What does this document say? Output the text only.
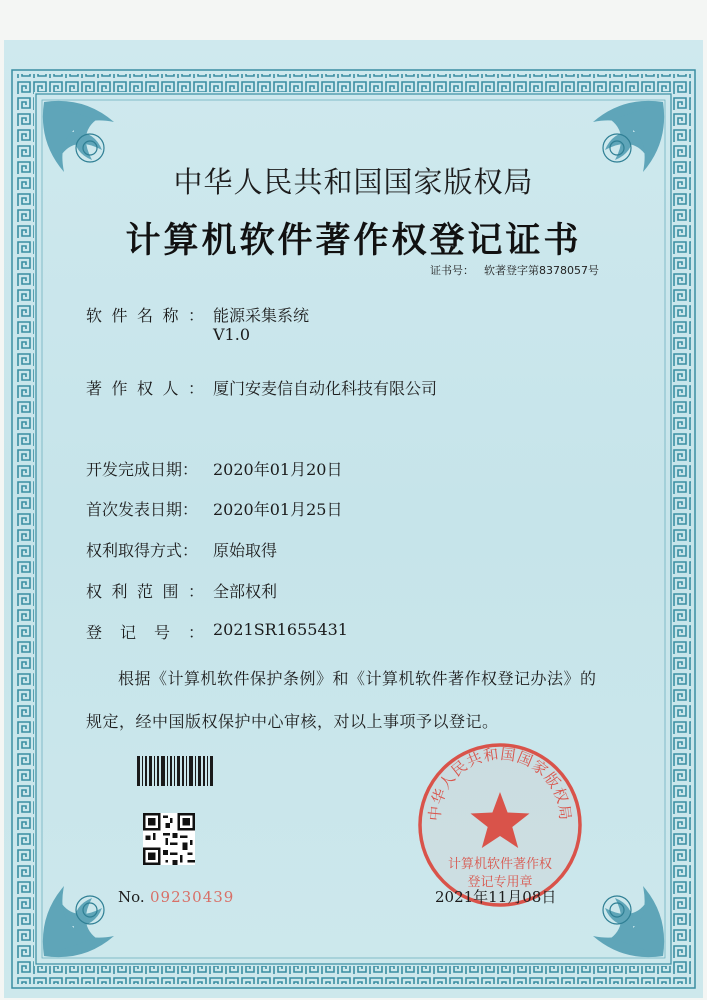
中华人民共和国国家版权局
计算机软件著作权登记证书
证书号： 软著登字第8378057号
软 件 名 称 ： 能源采集系统
V1.0
著 作 权 人 ： 厦门安麦信自动化科技有限公司
开发完成日期： 2020年01月20日
首次发表日期： 2020年01月25日
权利取得方式： 原始取得
权 利 范 围 ： 全部权利
登 记 号 ： 2021SR1655431
根据《计算机软件保护条例》和《计算机软件著作权登记办法》的
规定，经中国版权保护中心审核，对以上事项予以登记。
No. 09230439
中华人民共和国国家版权局
计算机软件著作权
登记专用章
2021年11月08日
